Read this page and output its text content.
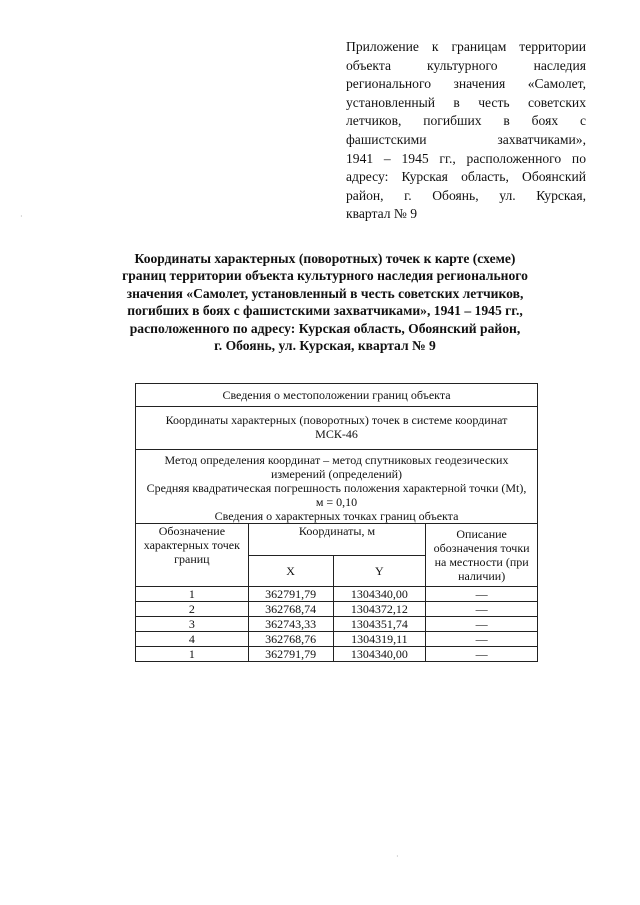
Приложение к границам территории
объекта культурного наследия
регионального значения «Самолет,
установленный в честь советских
летчиков, погибших в боях с
фашистскими захватчиками»,
1941 – 1945 гг., расположенного по
адресу: Курская область, Обоянский
район, г. Обоянь, ул. Курская,
квартал № 9
Координаты характерных (поворотных) точек к карте (схеме)
границ территории объекта культурного наследия регионального
значения «Самолет, установленный в честь советских летчиков,
погибших в боях с фашистскими захватчиками», 1941 – 1945 гг.,
расположенного по адресу: Курская область, Обоянский район,
г. Обоянь, ул. Курская, квартал № 9
Сведения о местоположении границ объекта			
Координаты характерных (поворотных) точек в системе координат МСК-46			

Метод определения координат – метод спутниковых геодезических измерений (определений)
Средняя квадратическая погрешность положения характерной точки (Mt), м = 0,10
Сведения о характерных точках границ объекта			

Обозначение характерных точек границ	Координаты, м		Описание обозначения точки на местности (при наличии)
	X	Y	
1	362791,79	1304340,00	—
2	362768,74	1304372,12	—
3	362743,33	1304351,74	—
4	362768,76	1304319,11	—
1	362791,79	1304340,00	—
·
·
